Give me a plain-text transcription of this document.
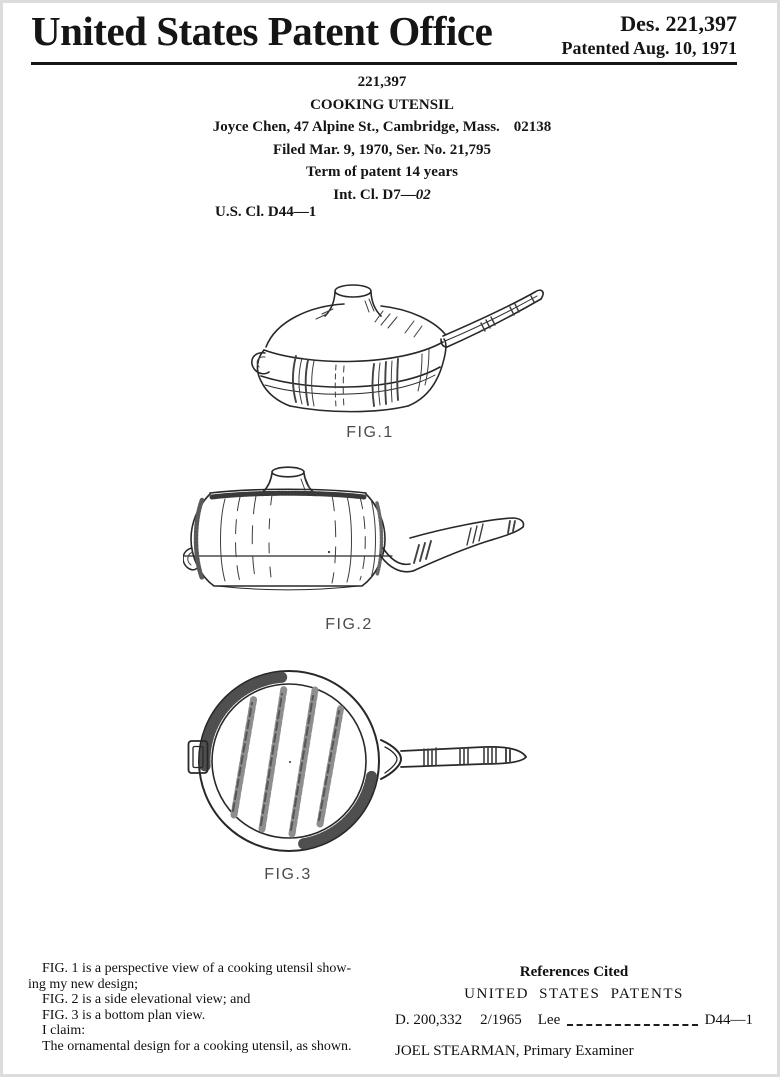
United States Patent Office	Des. 221,397
Patented Aug. 10, 1971
221,397
COOKING UTENSIL
Joyce Chen, 47 Alpine St., Cambridge, Mass. 02138
Filed Mar. 9, 1970, Ser. No. 21,795
Term of patent 14 years
Int. Cl. D7—02
U.S. Cl. D44—1
FIG.1
FIG.2
FIG.3
FIG. 1 is a perspective view of a cooking utensil show-
ing my new design;
FIG. 2 is a side elevational view; and
FIG. 3 is a bottom plan view.
I claim:
The ornamental design for a cooking utensil, as shown.
References Cited
UNITED STATES PATENTS
D. 200,332 2/1965 Lee	D44—1
JOEL STEARMAN, Primary Examiner
